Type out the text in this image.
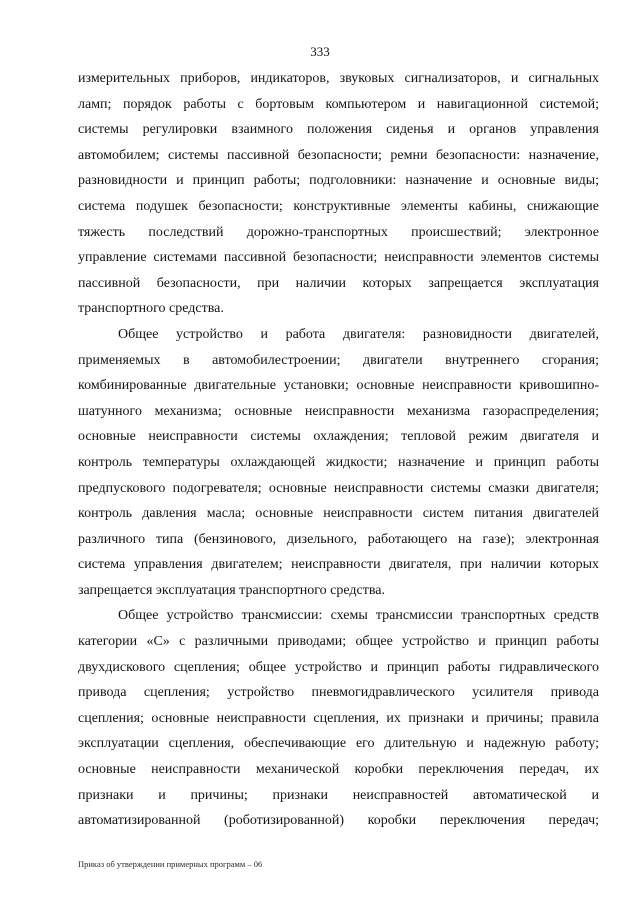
333
измерительных приборов, индикаторов, звуковых сигнализаторов, и сигнальных
ламп; порядок работы с бортовым компьютером и навигационной системой;
системы регулировки взаимного положения сиденья и органов управления
автомобилем; системы пассивной безопасности; ремни безопасности: назначение,
разновидности и принцип работы; подголовники: назначение и основные виды;
система подушек безопасности; конструктивные элементы кабины, снижающие
тяжесть последствий дорожно-транспортных происшествий; электронное
управление системами пассивной безопасности; неисправности элементов системы
пассивной безопасности, при наличии которых запрещается эксплуатация
транспортного средства.
Общее устройство и работа двигателя: разновидности двигателей,
применяемых в автомобилестроении; двигатели внутреннего сгорания;
комбинированные двигательные установки; основные неисправности кривошипно-
шатунного механизма; основные неисправности механизма газораспределения;
основные неисправности системы охлаждения; тепловой режим двигателя и
контроль температуры охлаждающей жидкости; назначение и принцип работы
предпускового подогревателя; основные неисправности системы смазки двигателя;
контроль давления масла; основные неисправности систем питания двигателей
различного типа (бензинового, дизельного, работающего на газе); электронная
система управления двигателем; неисправности двигателя, при наличии которых
запрещается эксплуатация транспортного средства.
Общее устройство трансмиссии: схемы трансмиссии транспортных средств
категории «С» с различными приводами; общее устройство и принцип работы
двухдискового сцепления; общее устройство и принцип работы гидравлического
привода сцепления; устройство пневмогидравлического усилителя привода
сцепления; основные неисправности сцепления, их признаки и причины; правила
эксплуатации сцепления, обеспечивающие его длительную и надежную работу;
основные неисправности механической коробки переключения передач, их
признаки и причины; признаки неисправностей автоматической и
автоматизированной (роботизированной) коробки переключения передач;
Приказ об утверждении примерных программ – 06
